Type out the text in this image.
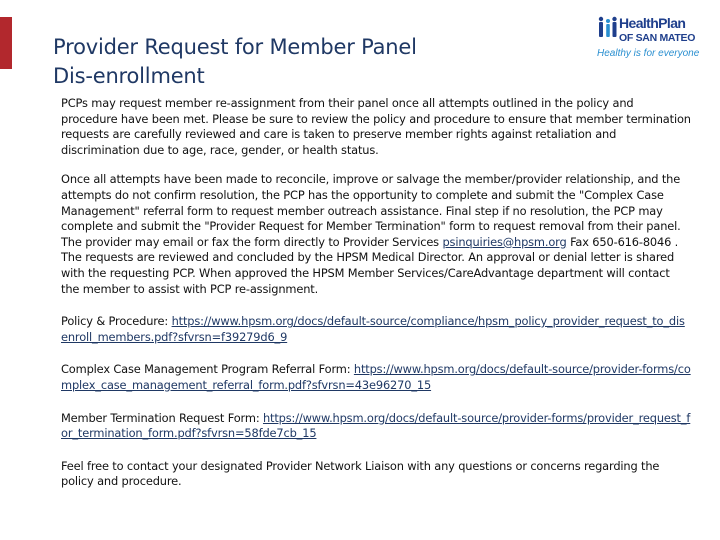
Provider Request for Member Panel
Dis-enrollment
HealthPlan
OF SAN MATEO
Healthy is for everyone

PCPs may request member re-assignment from their panel once all attempts outlined in the policy and procedure have been met. Please be sure to review the policy and procedure to ensure that member termination requests are carefully reviewed and care is taken to preserve member rights against retaliation and discrimination due to age, race, gender, or health status.

Once all attempts have been made to reconcile, improve or salvage the member/provider relationship, and the attempts do not confirm resolution, the PCP has the opportunity to complete and submit the "Complex Case Management" referral form to request member outreach assistance. Final step if no resolution, the PCP may complete and submit the "Provider Request for Member Termination" form to request removal from their panel. The provider may email or fax the form directly to Provider Services psinquiries@hpsm.org Fax 650-616-8046 . The requests are reviewed and concluded by the HPSM Medical Director. An approval or denial letter is shared with the requesting PCP. When approved the HPSM Member Services/CareAdvantage department will contact the member to assist with PCP re-assignment.

Policy & Procedure: https://www.hpsm.org/docs/default-source/compliance/hpsm_policy_provider_request_to_disenroll_members.pdf?sfvrsn=f39279d6_9

Complex Case Management Program Referral Form: https://www.hpsm.org/docs/default-source/provider-forms/complex_case_management_referral_form.pdf?sfvrsn=43e96270_15

Member Termination Request Form: https://www.hpsm.org/docs/default-source/provider-forms/provider_request_for_termination_form.pdf?sfvrsn=58fde7cb_15

Feel free to contact your designated Provider Network Liaison with any questions or concerns regarding the policy and procedure.
